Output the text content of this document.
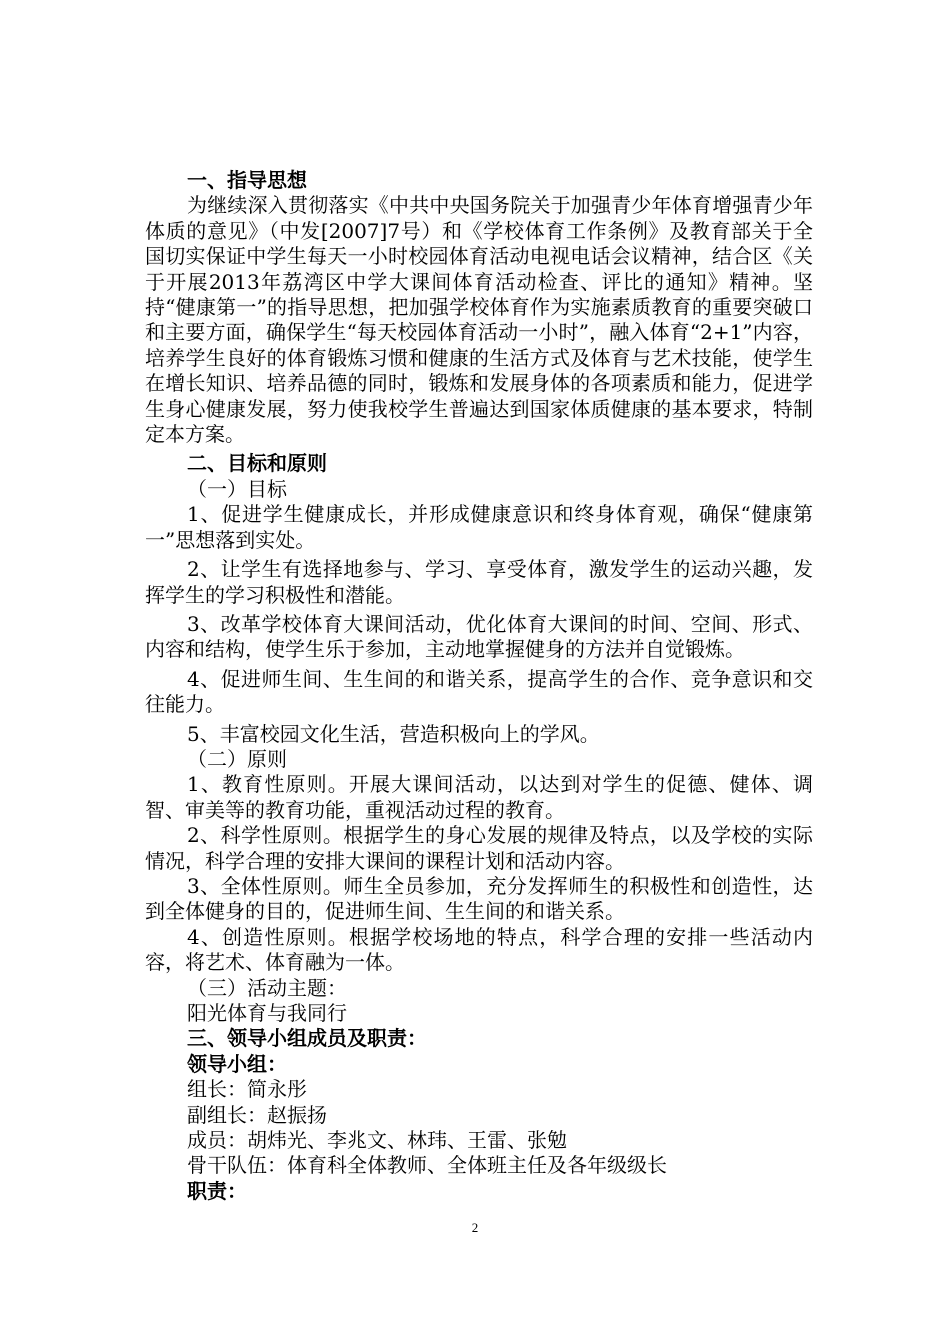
一、指导思想

为继续深入贯彻落实《中共中央国务院关于加强青少年体育增强青少年体质的意见》（中发[2007]7号）和《学校体育工作条例》及教育部关于全国切实保证中学生每天一小时校园体育活动电视电话会议精神，结合区《关于开展2013年荔湾区中学大课间体育活动检查、评比的通知》精神。坚持“健康第一”的指导思想，把加强学校体育作为实施素质教育的重要突破口和主要方面，确保学生“每天校园体育活动一小时”，融入体育“2+1”内容，培养学生良好的体育锻炼习惯和健康的生活方式及体育与艺术技能，使学生在增长知识、培养品德的同时，锻炼和发展身体的各项素质和能力，促进学生身心健康发展，努力使我校学生普遍达到国家体质健康的基本要求，特制定本方案。

二、目标和原则

（一）目标

1、促进学生健康成长，并形成健康意识和终身体育观，确保“健康第一”思想落到实处。

2、让学生有选择地参与、学习、享受体育，激发学生的运动兴趣，发挥学生的学习积极性和潜能。

3、改革学校体育大课间活动，优化体育大课间的时间、空间、形式、内容和结构，使学生乐于参加，主动地掌握健身的方法并自觉锻炼。

4、促进师生间、生生间的和谐关系，提高学生的合作、竞争意识和交往能力。

5、丰富校园文化生活，营造积极向上的学风。

（二）原则

1、教育性原则。开展大课间活动，以达到对学生的促德、健体、调智、审美等的教育功能，重视活动过程的教育。

2、科学性原则。根据学生的身心发展的规律及特点，以及学校的实际情况，科学合理的安排大课间的课程计划和活动内容。

3、全体性原则。师生全员参加，充分发挥师生的积极性和创造性，达到全体健身的目的，促进师生间、生生间的和谐关系。

4、创造性原则。根据学校场地的特点，科学合理的安排一些活动内容，将艺术、体育融为一体。

（三）活动主题：

阳光体育与我同行

三、领导小组成员及职责：

领导小组：

组长：简永彤

副组长：赵振扬

成员：胡炜光、李兆文、林玮、王雷、张勉

骨干队伍：体育科全体教师、全体班主任及各年级级长

职责：

2
